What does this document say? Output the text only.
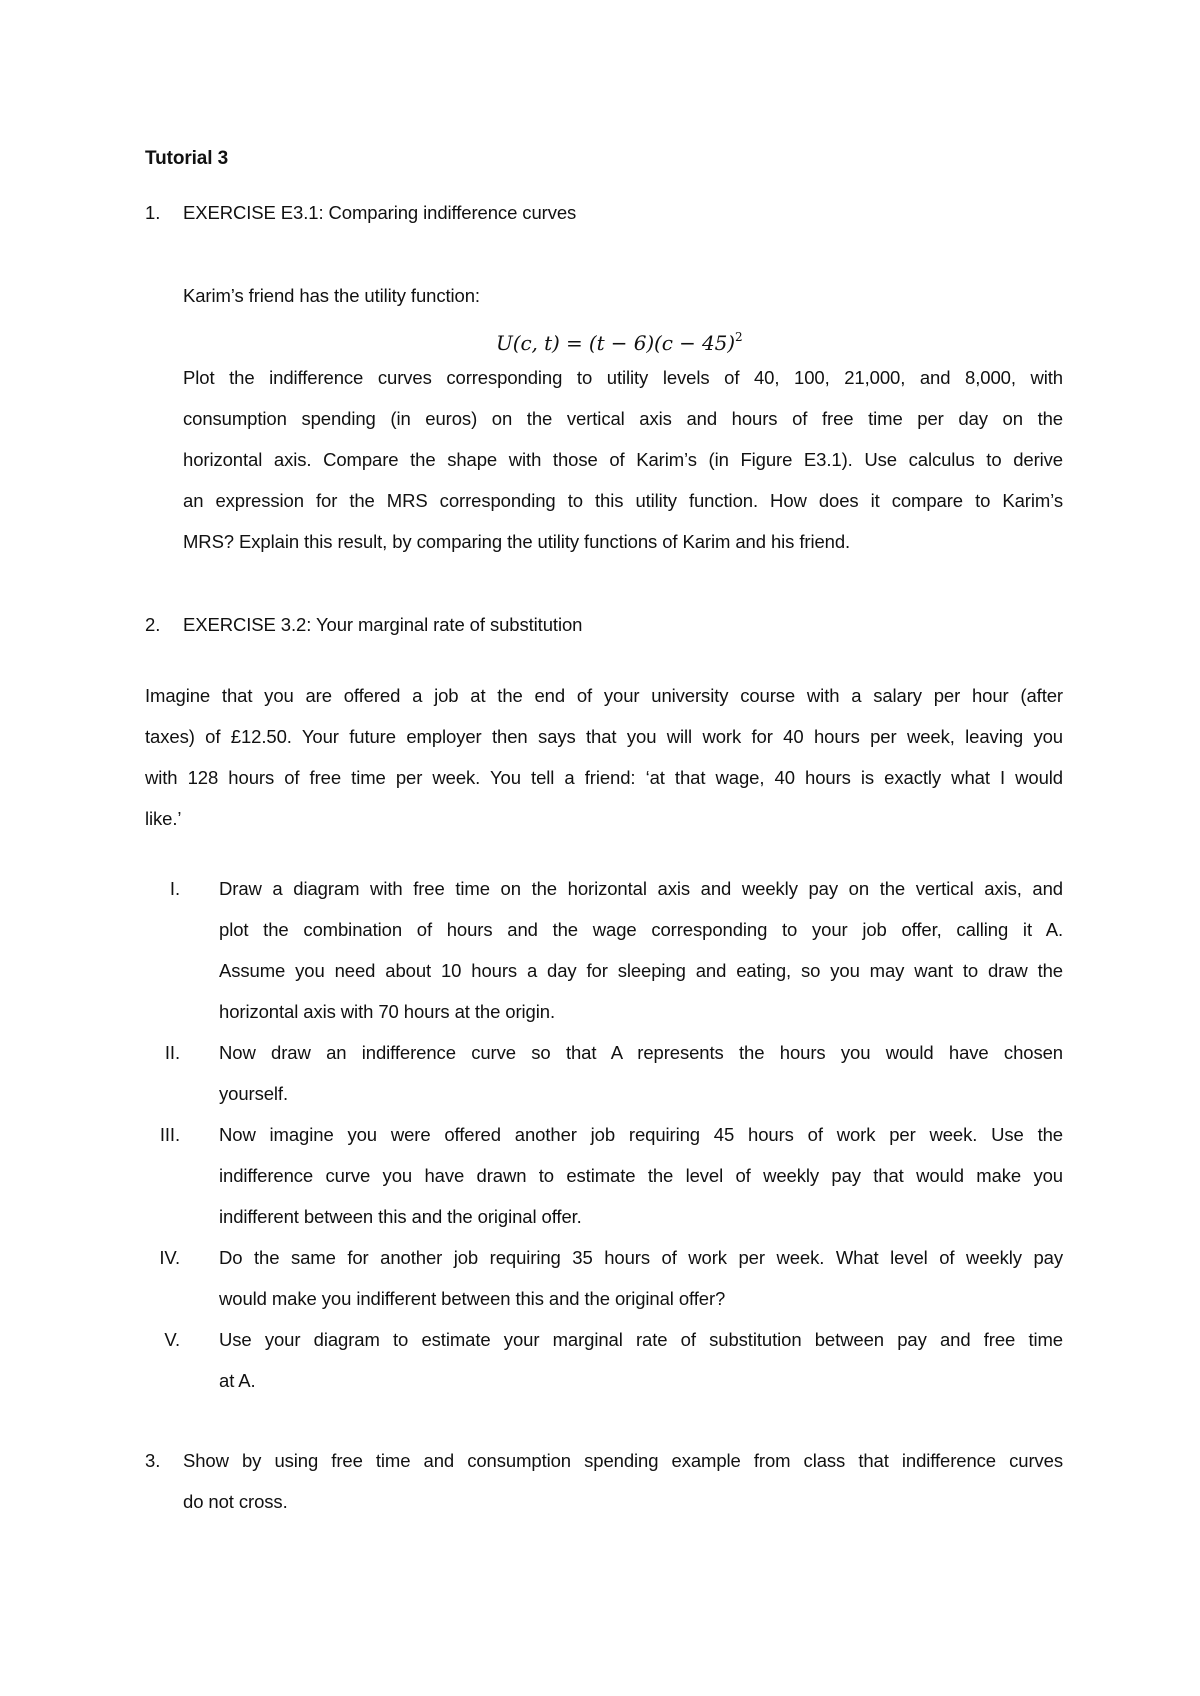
Tutorial 3
1. EXERCISE E3.1: Comparing indifference curves
Karim’s friend has the utility function:
U(c, $t) = (t - 6)(c - 45)^2$
Plot the indifference curves corresponding to utility levels of 40, 100, 21,000, and 8,000, with
consumption spending (in euros) on the vertical axis and hours of free time per day on the
horizontal axis. Compare the shape with those of Karim’s (in Figure E3.1). Use calculus to derive
an expression for the MRS corresponding to this utility function. How does it compare to Karim’s
MRS? Explain this result, by comparing the utility functions of Karim and his friend.
2. EXERCISE 3.2: Your marginal rate of substitution
Imagine that you are offered a job at the end of your university course with a salary per hour (after
taxes) of £12.50. Your future employer then says that you will work for 40 hours per week, leaving you
with 128 hours of free time per week. You tell a friend: ‘at that wage, 40 hours is exactly what I would
like.’
I. Draw a diagram with free time on the horizontal axis and weekly pay on the vertical axis, and
plot the combination of hours and the wage corresponding to your job offer, calling it A.
Assume you need about 10 hours a day for sleeping and eating, so you may want to draw the
horizontal axis with 70 hours at the origin.
II. Now draw an indifference curve so that A represents the hours you would have chosen
yourself.
III. Now imagine you were offered another job requiring 45 hours of work per week. Use the
indifference curve you have drawn to estimate the level of weekly pay that would make you
indifferent between this and the original offer.
IV. Do the same for another job requiring 35 hours of work per week. What level of weekly pay
would make you indifferent between this and the original offer?
V. Use your diagram to estimate your marginal rate of substitution between pay and free time
at A.
3. Show by using free time and consumption spending example from class that indifference curves
do not cross.
